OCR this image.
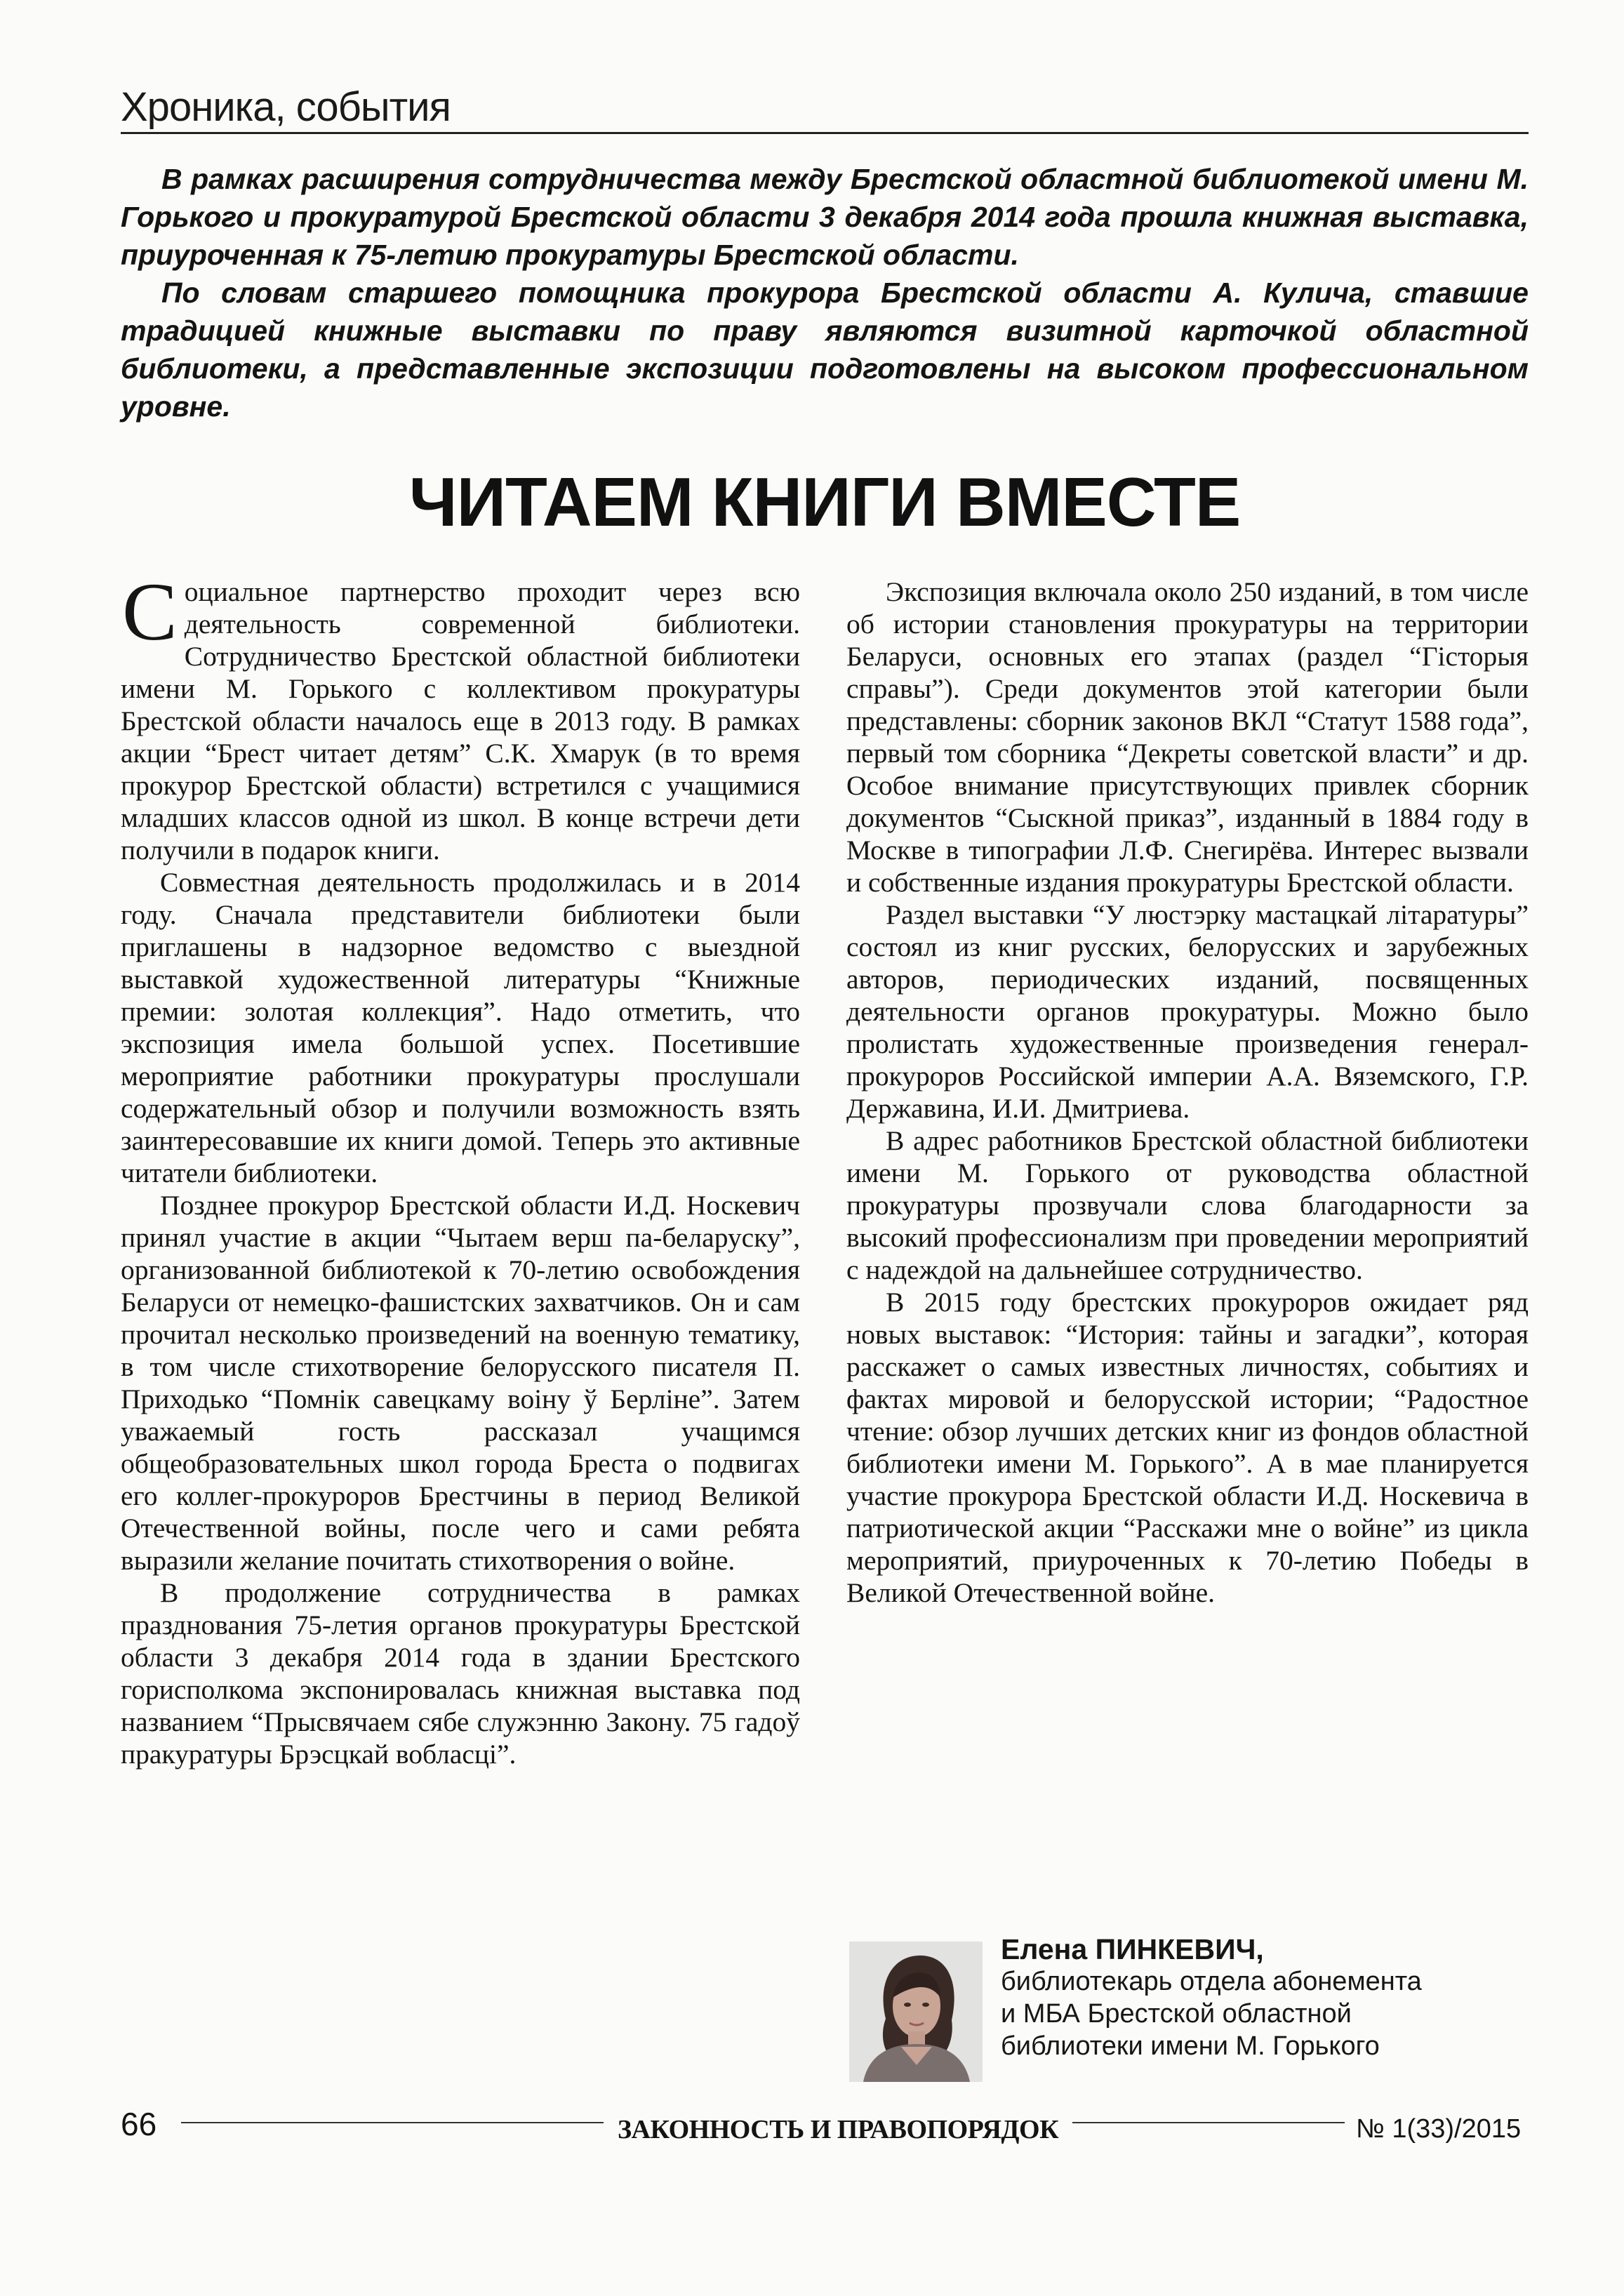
Хроника, события

В рамках расширения сотрудничества между Брестской областной библиотекой имени М. Горького и прокуратурой Брестской области 3 декабря 2014 года прошла книжная выставка, приуроченная к 75-летию прокуратуры Брестской области.

По словам старшего помощника прокурора Брестской области А. Кулича, ставшие традицией книжные выставки по праву являются визитной карточкой областной библиотеки, а представленные экспозиции подготовлены на высоком профессиональном уровне.

ЧИТАЕМ КНИГИ ВМЕСТЕ

Социальное партнерство проходит через всю деятельность современной библиотеки. Сотрудничество Брестской областной библиотеки имени М. Горького с коллективом прокуратуры Брестской области началось еще в 2013 году. В рамках акции “Брест читает детям” С.К. Хмарук (в то время прокурор Брестской области) встретился с учащимися младших классов одной из школ. В конце встречи дети получили в подарок книги.

Совместная деятельность продолжилась и в 2014 году. Сначала представители библиотеки были приглашены в надзорное ведомство с выездной выставкой художественной литературы “Книжные премии: золотая коллекция”. Надо отметить, что экспозиция имела большой успех. Посетившие мероприятие работники прокуратуры прослушали содержательный обзор и получили возможность взять заинтересовавшие их книги домой. Теперь это активные читатели библиотеки.

Позднее прокурор Брестской области И.Д. Носкевич принял участие в акции “Чытаем верш па-беларуску”, организованной библиотекой к 70-летию освобождения Беларуси от немецко-фашистских захватчиков. Он и сам прочитал несколько произведений на военную тематику, в том числе стихотворение белорусского писателя П. Приходько “Помнік савецкаму воіну ў Берліне”. Затем уважаемый гость рассказал учащимся общеобразовательных школ города Бреста о подвигах его коллег-прокуроров Брестчины в период Великой Отечественной войны, после чего и сами ребята выразили желание почитать стихотворения о войне.

В продолжение сотрудничества в рамках празднования 75-летия органов прокуратуры Брестской области 3 декабря 2014 года в здании Брестского горисполкома экспонировалась книжная выставка под названием “Прысвячаем сябе служэнню Закону. 75 гадоў пракуратуры Брэсцкай вобласці”.

Экспозиция включала около 250 изданий, в том числе об истории становления прокуратуры на территории Беларуси, основных его этапах (раздел “Гісторыя справы”). Среди документов этой категории были представлены: сборник законов ВКЛ “Статут 1588 года”, первый том сборника “Декреты советской власти” и др. Особое внимание присутствующих привлек сборник документов “Сыскной приказ”, изданный в 1884 году в Москве в типографии Л.Ф. Снегирёва. Интерес вызвали и собственные издания прокуратуры Брестской области.

Раздел выставки “У люстэрку мастацкай літаратуры” состоял из книг русских, белорусских и зарубежных авторов, периодических изданий, посвященных деятельности органов прокуратуры. Можно было пролистать художественные произведения генерал-прокуроров Российской империи А.А. Вяземского, Г.Р. Державина, И.И. Дмитриева.

В адрес работников Брестской областной библиотеки имени М. Горького от руководства областной прокуратуры прозвучали слова благодарности за высокий профессионализм при проведении мероприятий с надеждой на дальнейшее сотрудничество.

В 2015 году брестских прокуроров ожидает ряд новых выставок: “История: тайны и загадки”, которая расскажет о самых известных личностях, событиях и фактах мировой и белорусской истории; “Радостное чтение: обзор лучших детских книг из фондов областной библиотеки имени М. Горького”. А в мае планируется участие прокурора Брестской области И.Д. Носкевича в патриотической акции “Расскажи мне о войне” из цикла мероприятий, приуроченных к 70-летию Победы в Великой Отечественной войне.

Елена ПИНКЕВИЧ,
библиотекарь отдела абонемента
и МБА Брестской областной
библиотеки имени М. Горького
66	ЗАКОННОСТЬ И ПРАВОПОРЯДОК	№ 1(33)/2015
